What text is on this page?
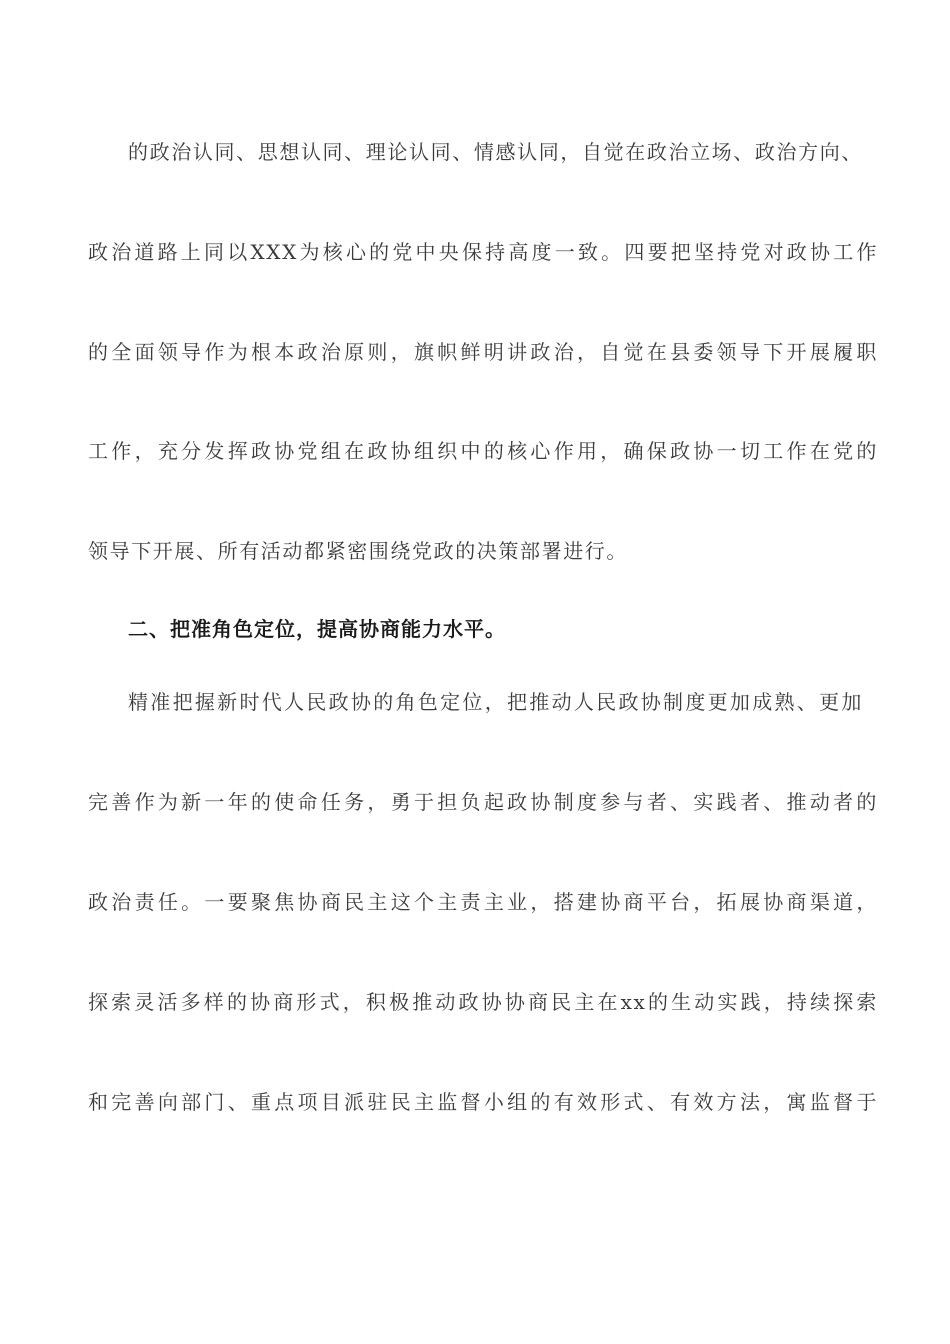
的政治认同、思想认同、理论认同、情感认同，自觉在政治立场、政治方向、
政治道路上同以XXX为核心的党中央保持高度一致。四要把坚持党对政协工作
的全面领导作为根本政治原则，旗帜鲜明讲政治，自觉在县委领导下开展履职
工作，充分发挥政协党组在政协组织中的核心作用，确保政协一切工作在党的
领导下开展、所有活动都紧密围绕党政的决策部署进行。
二、把准角色定位，提高协商能力水平。
精准把握新时代人民政协的角色定位，把推动人民政协制度更加成熟、更加
完善作为新一年的使命任务，勇于担负起政协制度参与者、实践者、推动者的
政治责任。一要聚焦协商民主这个主责主业，搭建协商平台，拓展协商渠道，
探索灵活多样的协商形式，积极推动政协协商民主在xx的生动实践，持续探索
和完善向部门、重点项目派驻民主监督小组的有效形式、有效方法，寓监督于
